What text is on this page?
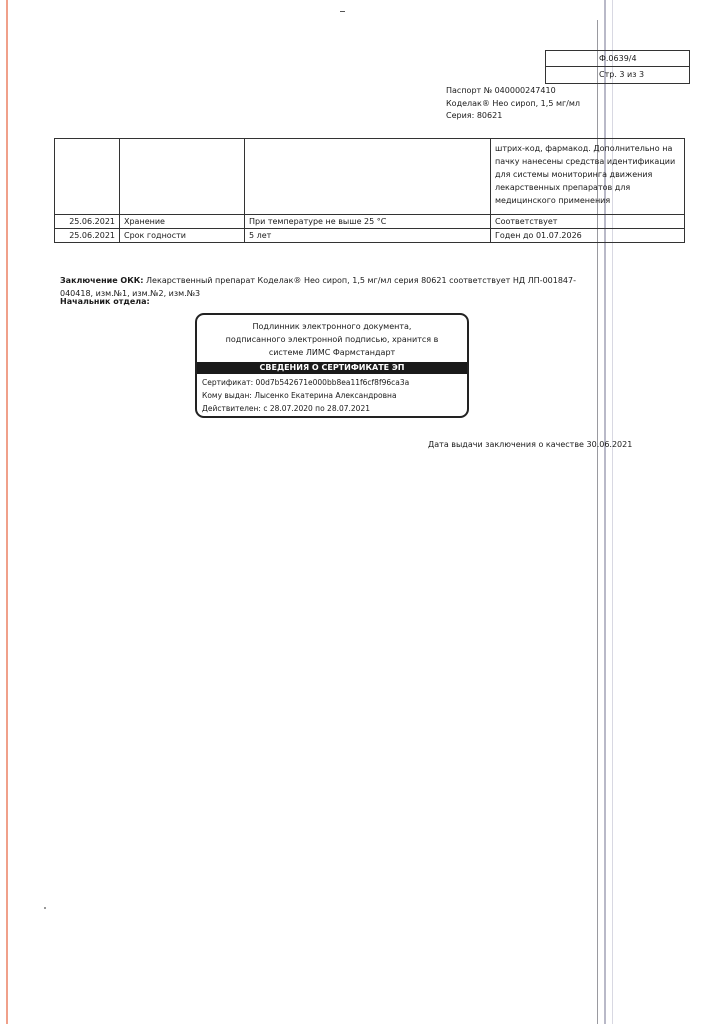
Ф.0639/4
Стр. 3 из 3
Паспорт № 040000247410
Коделак® Нео сироп, 1,5 мг/мл
Серия: 80621
			штрих-код, фармакод. Дополнительно на пачку нанесены средства идентификации для системы мониторинга движения лекарственных препаратов для медицинского применения
25.06.2021	Хранение	При температуре не выше 25 °С	Соответствует
25.06.2021	Срок годности	5 лет	Годен до 01.07.2026
Заключение ОКК: Лекарственный препарат Коделак® Нео сироп, 1,5 мг/мл серия 80621 соответствует НД ЛП-001847-040418, изм.№1, изм.№2, изм.№3
Начальник отдела:
Подлинник электронного документа,
подписанного электронной подписью, хранится в
системе ЛИМС Фармстандарт
СВЕДЕНИЯ О СЕРТИФИКАТЕ ЭП
Сертификат: 00d7b542671e000bb8ea11f6cf8f96ca3a
Кому выдан: Лысенко Екатерина Александровна
Действителен: с 28.07.2020 по 28.07.2021
Дата выдачи заключения о качестве 30.06.2021
